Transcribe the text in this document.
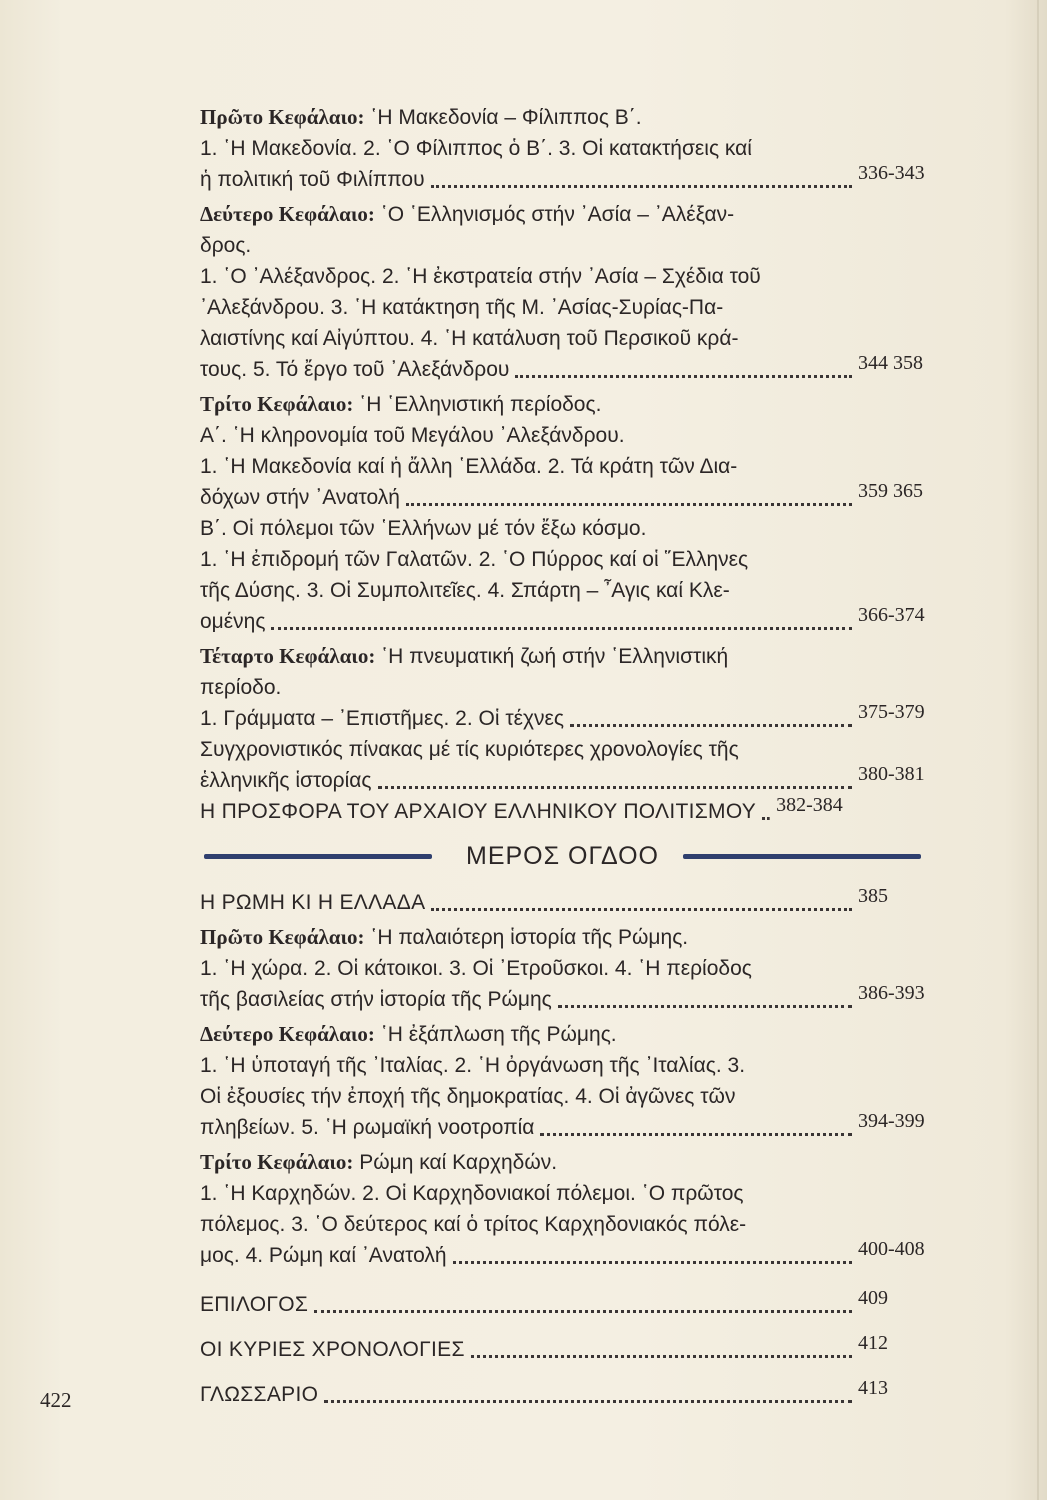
Πρῶτο Κεφάλαιο: ῾Η Μακεδονία – Φίλιππος Β΄.
1. ῾Η Μακεδονία. 2. ῾Ο Φίλιππος ὁ Β΄. 3. Οἱ κατακτήσεις καί
ἡ πολιτική τοῦ Φιλίππου	336-343
Δεύτερο Κεφάλαιο: ῾Ο ῾Ελληνισμός στήν ᾿Ασία – ᾿Αλέξαν-
δρος.
1. ῾Ο ᾿Αλέξανδρος. 2. ῾Η ἐκστρατεία στήν ᾿Ασία – Σχέδια τοῦ
᾿Αλεξάνδρου. 3. ῾Η κατάκτηση τῆς Μ. ᾿Ασίας-Συρίας-Πα-
λαιστίνης καί Αἰγύπτου. 4. ῾Η κατάλυση τοῦ Περσικοῦ κρά-
τους. 5. Τό ἔργο τοῦ ᾿Αλεξάνδρου	344 358
Τρίτο Κεφάλαιο: ῾Η ῾Ελληνιστική περίοδος.
Α΄. ῾Η κληρονομία τοῦ Μεγάλου ᾿Αλεξάνδρου.
1. ῾Η Μακεδονία καί ἡ ἄλλη ῾Ελλάδα. 2. Τά κράτη τῶν Δια-
δόχων στήν ᾿Ανατολή	359 365
Β΄. Οἱ πόλεμοι τῶν ῾Ελλήνων μέ τόν ἔξω κόσμο.
1. ῾Η ἐπιδρομή τῶν Γαλατῶν. 2. ῾Ο Πύρρος καί οἱ ῞Ελληνες
τῆς Δύσης. 3. Οἱ Συμπολιτεῖες. 4. Σπάρτη – ῏Αγις καί Κλε-
ομένης	366-374
Τέταρτο Κεφάλαιο: ῾Η πνευματική ζωή στήν ῾Ελληνιστική
περίοδο.
1. Γράμματα – ᾿Επιστῆμες. 2. Οἱ τέχνες	375-379
Συγχρονιστικός πίνακας μέ τίς κυριότερες χρονολογίες τῆς
ἑλληνικῆς ἱστορίας	380-381
Η ΠΡΟΣΦΟΡΑ ΤΟΥ ΑΡΧΑΙΟΥ ΕΛΛΗΝΙΚΟΥ ΠΟΛΙΤΙΣΜΟΥ 382-384
ΜΕΡΟΣ ΟΓΔΟΟ
Η ΡΩΜΗ ΚΙ Η ΕΛΛΑΔΑ	385
Πρῶτο Κεφάλαιο: ῾Η παλαιότερη ἱστορία τῆς Ρώμης.
1. ῾Η χώρα. 2. Οἱ κάτοικοι. 3. Οἱ ᾿Ετροῦσκοι. 4. ῾Η περίοδος
τῆς βασιλείας στήν ἱστορία τῆς Ρώμης	386-393
Δεύτερο Κεφάλαιο: ῾Η ἐξάπλωση τῆς Ρώμης.
1. ῾Η ὑποταγή τῆς ᾿Ιταλίας. 2. ῾Η ὀργάνωση τῆς ᾿Ιταλίας. 3.
Οἱ ἐξουσίες τήν ἐποχή τῆς δημοκρατίας. 4. Οἱ ἀγῶνες τῶν
πληβείων. 5. ῾Η ρωμαϊκή νοοτροπία	394-399
Τρίτο Κεφάλαιο: Ρώμη καί Καρχηδών.
1. ῾Η Καρχηδών. 2. Οἱ Καρχηδονιακοί πόλεμοι. ῾Ο πρῶτος
πόλεμος. 3. ῾Ο δεύτερος καί ὁ τρίτος Καρχηδονιακός πόλε-
μος. 4. Ρώμη καί ᾿Ανατολή	400-408
ΕΠΙΛΟΓΟΣ	409
ΟΙ ΚΥΡΙΕΣ ΧΡΟΝΟΛΟΓΙΕΣ	412
ΓΛΩΣΣΑΡΙΟ	413
422
